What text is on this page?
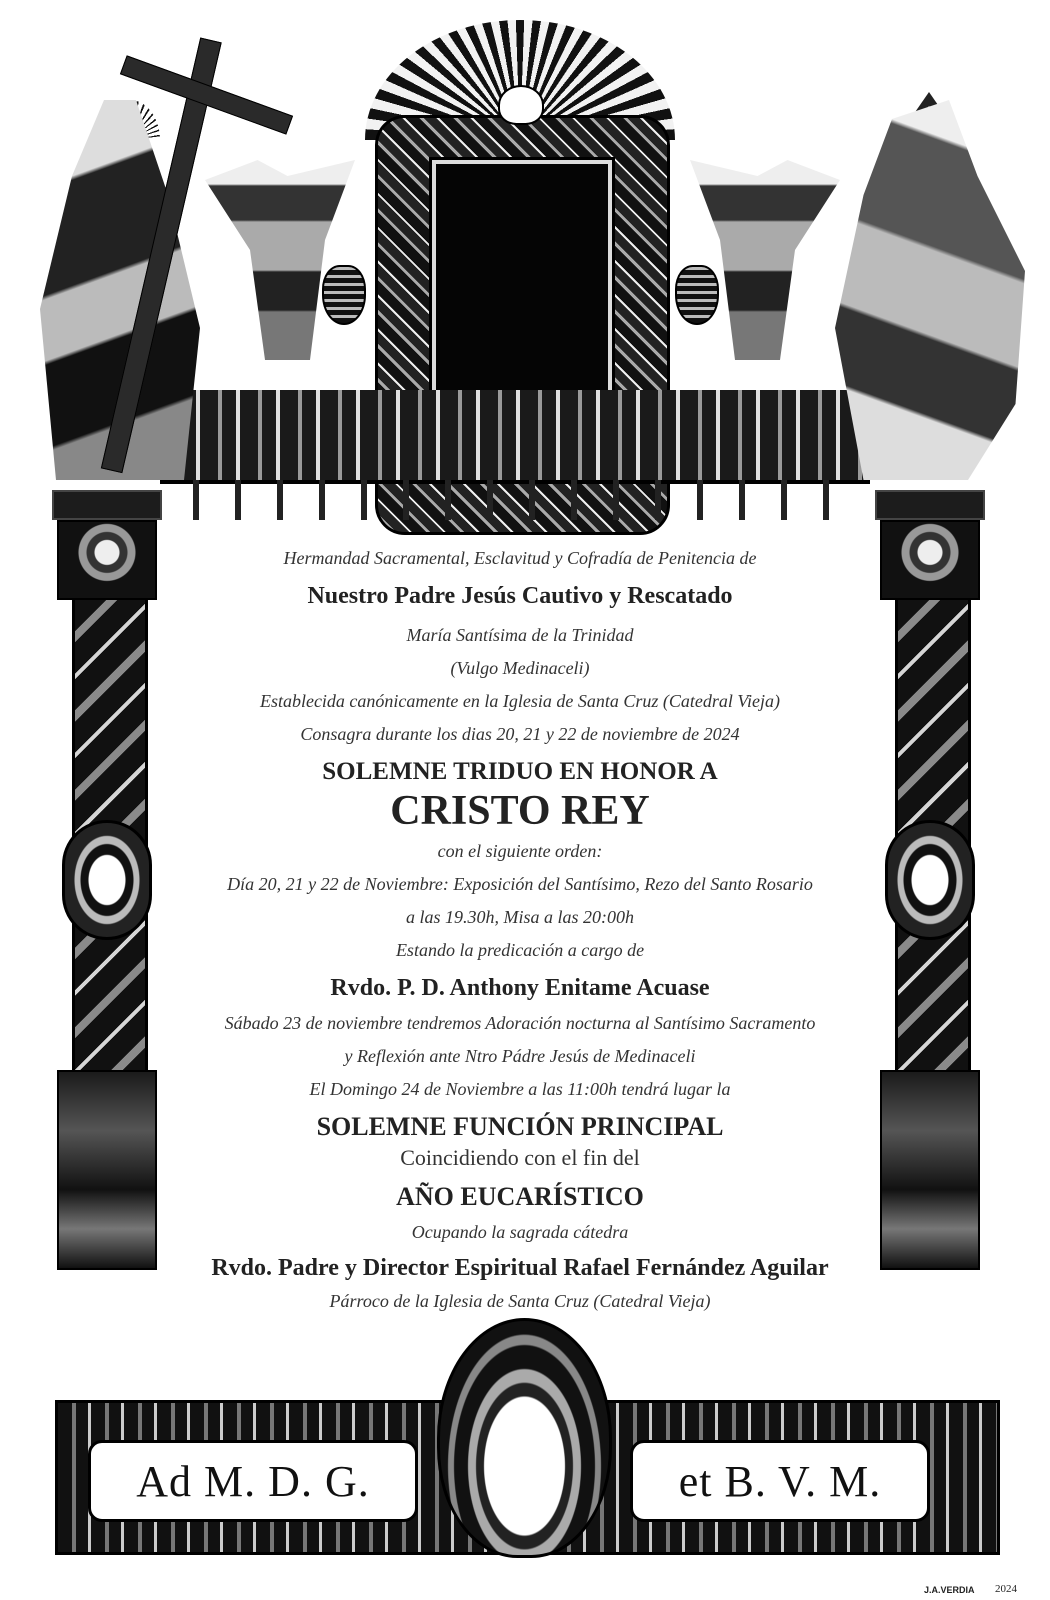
Ad M. D. G.	et B. V. M.
Hermandad Sacramental, Esclavitud y Cofradía de Penitencia de
Nuestro Padre Jesús Cautivo y Rescatado
María Santísima de la Trinidad
(Vulgo Medinaceli)
Establecida canónicamente en la Iglesia de Santa Cruz (Catedral Vieja)
Consagra durante los dias 20, 21 y 22 de noviembre de 2024
SOLEMNE TRIDUO EN HONOR A
CRISTO REY
con el siguiente orden:
Día 20, 21 y 22 de Noviembre: Exposición del Santísimo, Rezo del Santo Rosario
a las 19.30h, Misa a las 20:00h
Estando la predicación a cargo de
Rvdo. P. D. Anthony Enitame Acuase
Sábado 23 de noviembre tendremos Adoración nocturna al Santísimo Sacramento
y Reflexión ante Ntro Pádre Jesús de Medinaceli
El Domingo 24 de Noviembre a las 11:00h tendrá lugar la
SOLEMNE FUNCIÓN PRINCIPAL
Coincidiendo con el fin del
AÑO EUCARÍSTICO
Ocupando la sagrada cátedra
Rvdo. Padre y Director Espiritual Rafael Fernández Aguilar
Párroco de la Iglesia de Santa Cruz (Catedral Vieja)
J.A.VERDIA 2024
